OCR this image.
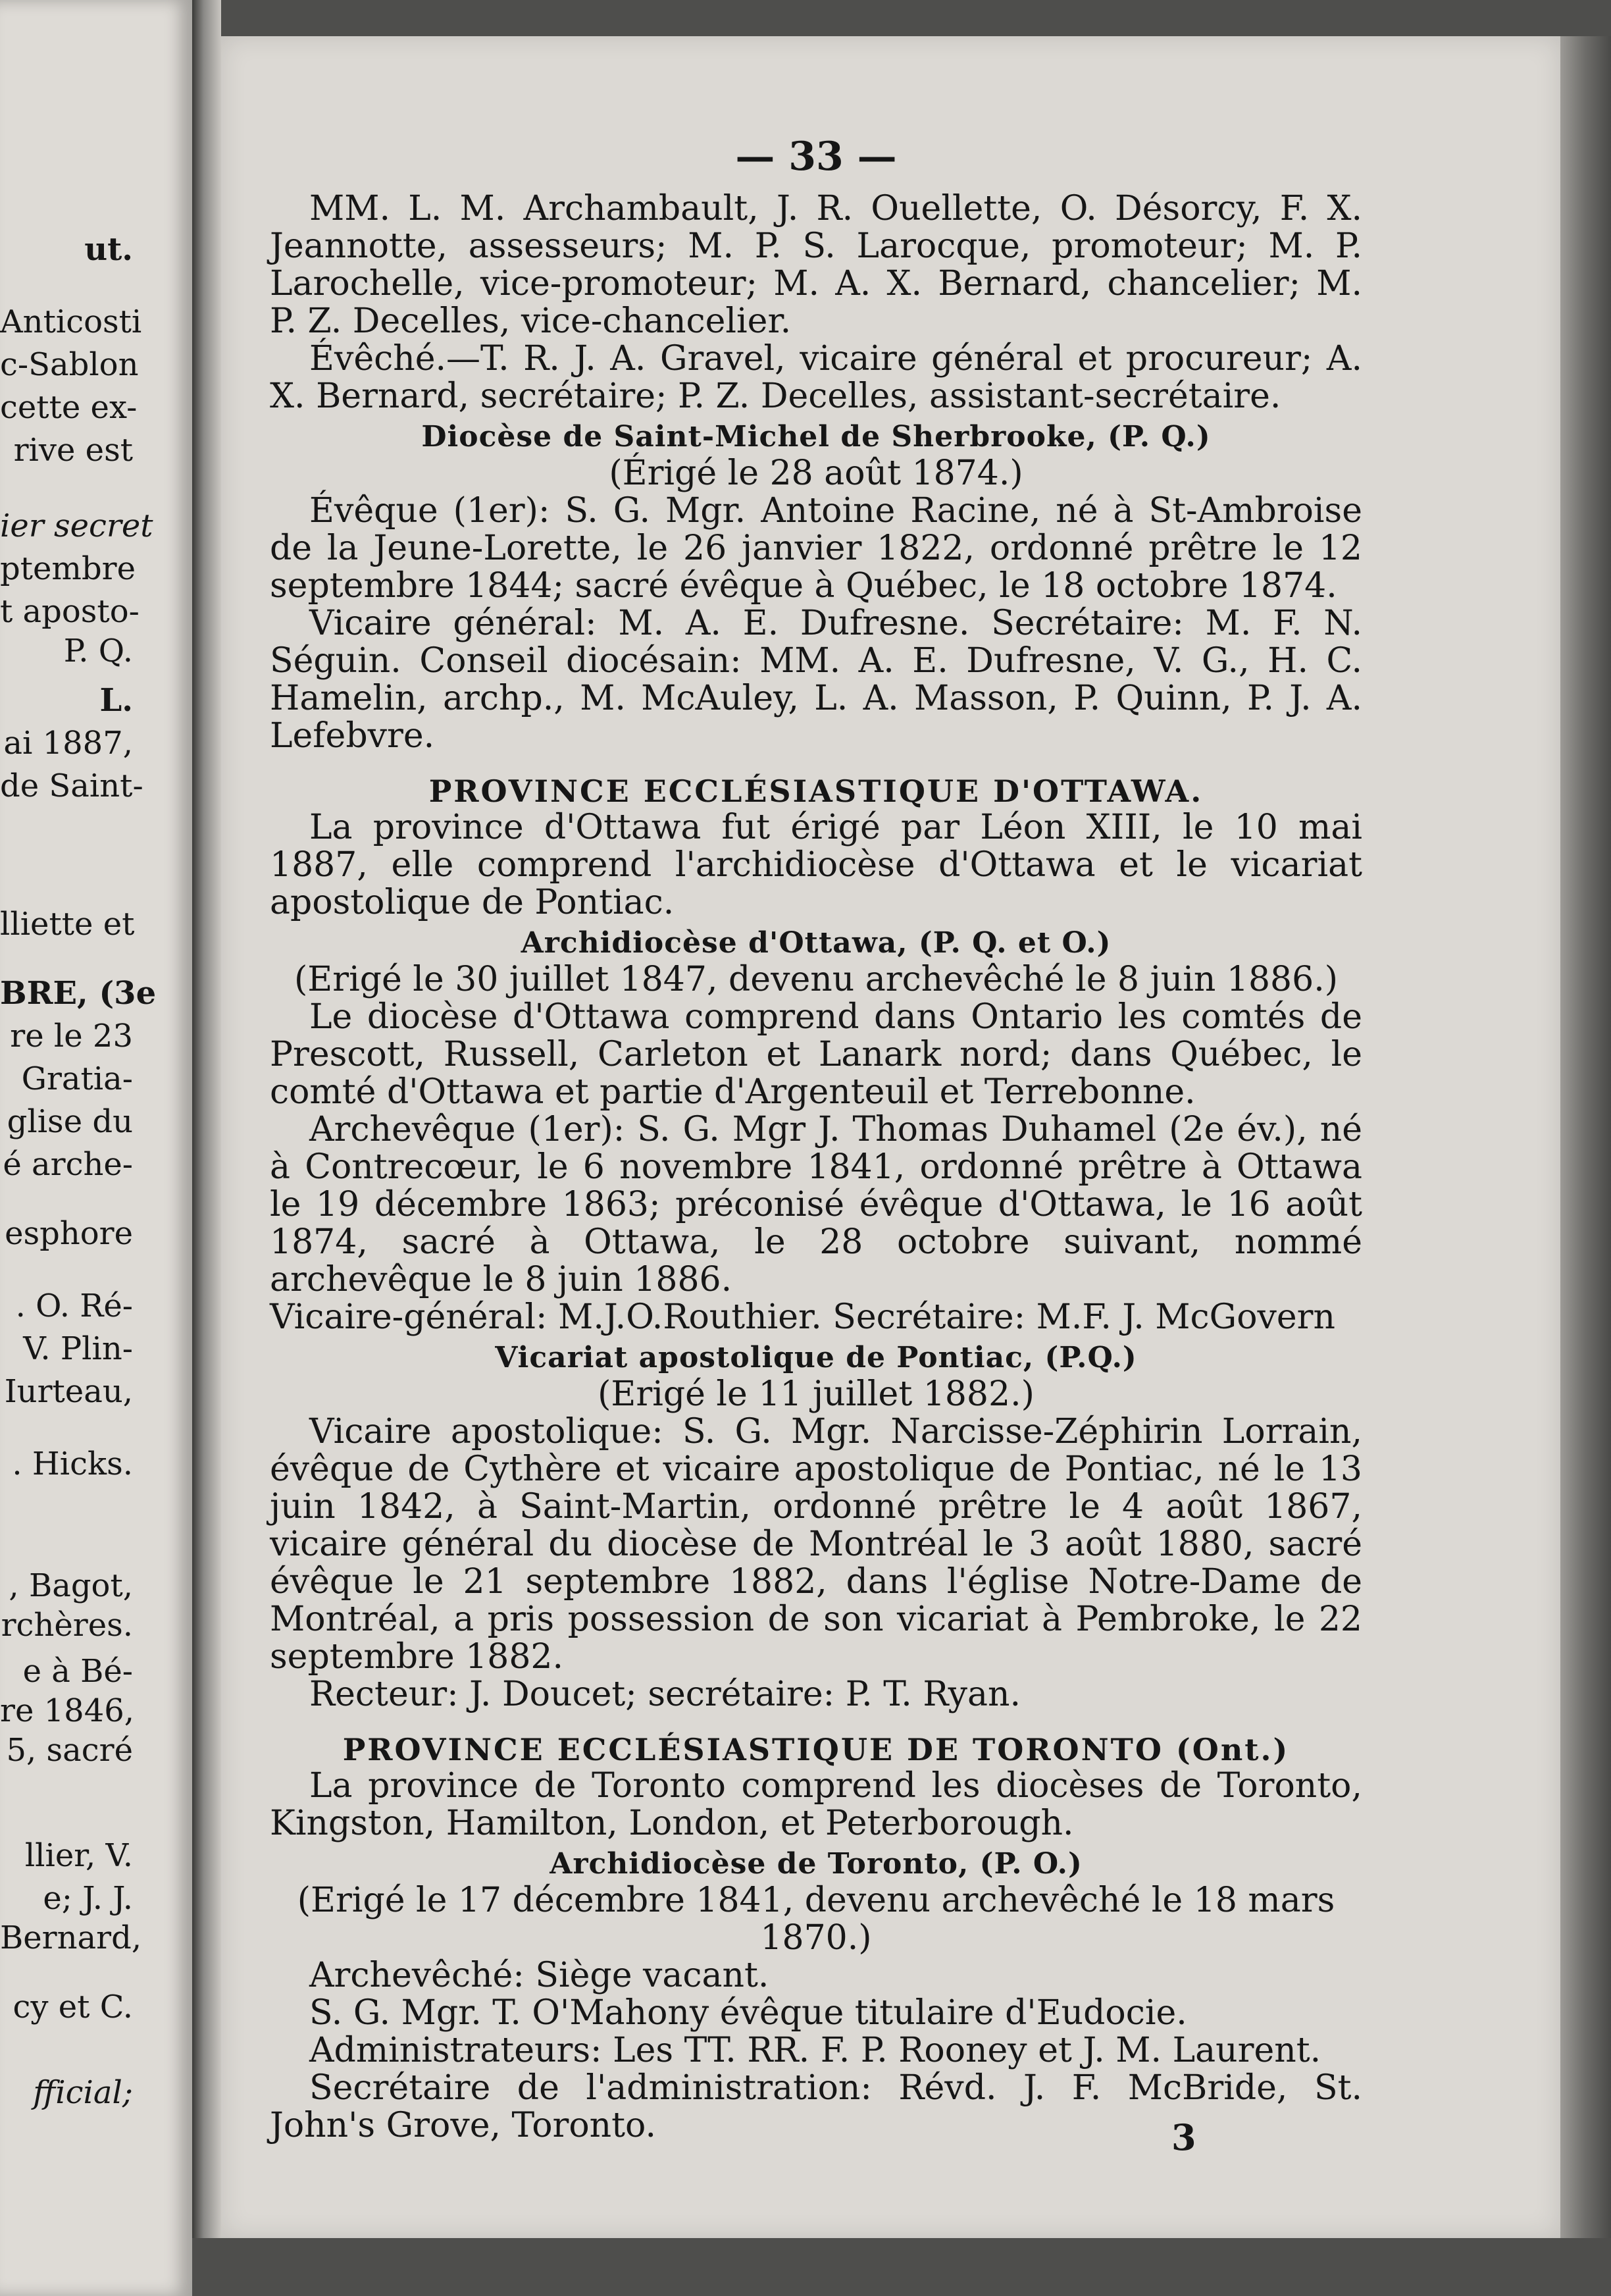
ut.
Anticosti
c-Sablon
cette ex-
rive est
ier secret
ptembre
t aposto-
P. Q.
L.
ai 1887,
de Saint-
lliette et
BRE, (3e
re le 23
Gratia-
glise du
é arche-
esphore
. O. Ré-
V. Plin-
Iurteau,
. Hicks.
, Bagot,
rchères.
e à Bé-
re 1846,
5, sacré
llier, V.
e; J. J.
Bernard,
cy et C.
fficial;
— 33 —

MM. L. M. Archambault, J. R. Ouellette, O. Désorcy, F. X. Jeannotte, assesseurs; M. P. S. Larocque, promoteur; M. P. Larochelle, vice-promoteur; M. A. X. Bernard, chancelier; M. P. Z. Decelles, vice-chancelier.

Évêché.—T. R. J. A. Gravel, vicaire général et procureur; A. X. Bernard, secrétaire; P. Z. Decelles, assistant-secrétaire.

Diocèse de Saint-Michel de Sherbrooke, (P. Q.)

(Érigé le 28 août 1874.)

Évêque (1er): S. G. Mgr. Antoine Racine, né à St-Ambroise de la Jeune-Lorette, le 26 janvier 1822, ordonné prêtre le 12 septembre 1844; sacré évêque à Québec, le 18 octobre 1874.

Vicaire général: M. A. E. Dufresne. Secrétaire: M. F. N. Séguin. Conseil diocésain: MM. A. E. Dufresne, V. G., H. C. Hamelin, archp., M. McAuley, L. A. Masson, P. Quinn, P. J. A. Lefebvre.

PROVINCE ECCLÉSIASTIQUE D'OTTAWA.

La province d'Ottawa fut érigé par Léon XIII, le 10 mai 1887, elle comprend l'archidiocèse d'Ottawa et le vicariat apostolique de Pontiac.

Archidiocèse d'Ottawa, (P. Q. et O.)

(Erigé le 30 juillet 1847, devenu archevêché le 8 juin 1886.)

Le diocèse d'Ottawa comprend dans Ontario les comtés de Prescott, Russell, Carleton et Lanark nord; dans Québec, le comté d'Ottawa et partie d'Argenteuil et Terrebonne.

Archevêque (1er): S. G. Mgr J. Thomas Duhamel (2e év.), né à Contrecœur, le 6 novembre 1841, ordonné prêtre à Ottawa le 19 décembre 1863; préconisé évêque d'Ottawa, le 16 août 1874, sacré à Ottawa, le 28 octobre suivant, nommé archevêque le 8 juin 1886.

Vicaire-général: M.J.O.Routhier. Secrétaire: M.F. J. McGovern

Vicariat apostolique de Pontiac, (P.Q.)

(Erigé le 11 juillet 1882.)

Vicaire apostolique: S. G. Mgr. Narcisse-Zéphirin Lorrain, évêque de Cythère et vicaire apostolique de Pontiac, né le 13 juin 1842, à Saint-Martin, ordonné prêtre le 4 août 1867, vicaire général du diocèse de Montréal le 3 août 1880, sacré évêque le 21 septembre 1882, dans l'église Notre-Dame de Montréal, a pris possession de son vicariat à Pembroke, le 22 septembre 1882.

Recteur: J. Doucet; secrétaire: P. T. Ryan.

PROVINCE ECCLÉSIASTIQUE DE TORONTO (Ont.)

La province de Toronto comprend les diocèses de Toronto, Kingston, Hamilton, London, et Peterborough.

Archidiocèse de Toronto, (P. O.)

(Erigé le 17 décembre 1841, devenu archevêché le 18 mars 1870.)

Archevêché: Siège vacant.

S. G. Mgr. T. O'Mahony évêque titulaire d'Eudocie.

Administrateurs: Les TT. RR. F. P. Rooney et J. M. Laurent.

Secrétaire de l'administration: Révd. J. F. McBride, St. John's Grove, Toronto.	3
